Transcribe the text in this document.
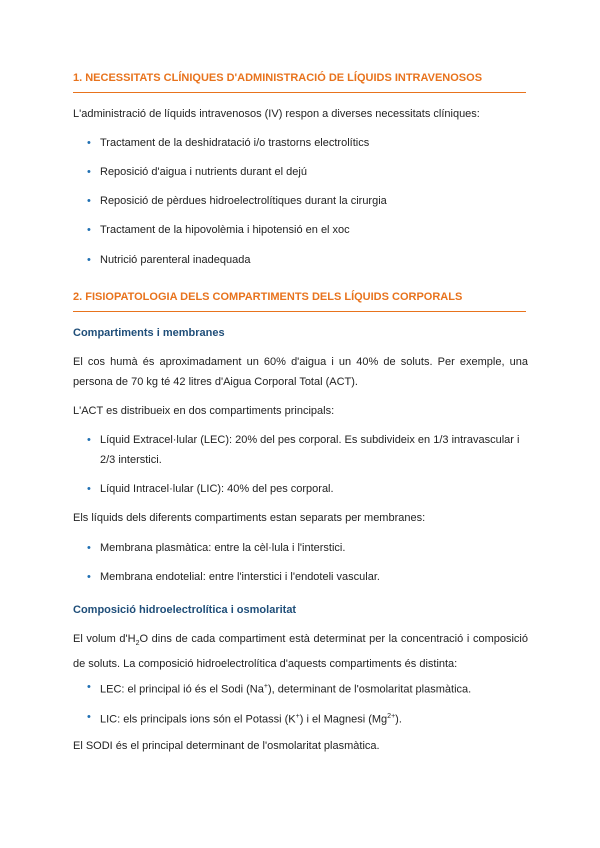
1. NECESSITATS CLÍNIQUES D'ADMINISTRACIÓ DE LÍQUIDS INTRAVENOSOS
L'administració de líquids intravenosos (IV) respon a diverses necessitats clíniques:
• Tractament de la deshidratació i/o trastorns electrolítics
• Reposició d'aigua i nutrients durant el dejú
• Reposició de pèrdues hidroelectrolítiques durant la cirurgia
• Tractament de la hipovolèmia i hipotensió en el xoc
• Nutrició parenteral inadequada
2. FISIOPATOLOGIA DELS COMPARTIMENTS DELS LÍQUIDS CORPORALS
Compartiments i membranes
El cos humà és aproximadament un 60% d'aigua i un 40% de soluts. Per exemple, una persona de 70 kg té 42 litres d'Aigua Corporal Total (ACT).
L'ACT es distribueix en dos compartiments principals:
• Líquid Extracel·lular (LEC): 20% del pes corporal. Es subdivideix en 1/3 intravascular i 2/3 interstici.
• Líquid Intracel·lular (LIC): 40% del pes corporal.
Els líquids dels diferents compartiments estan separats per membranes:
• Membrana plasmàtica: entre la cèl·lula i l'interstici.
• Membrana endotelial: entre l'interstici i l'endoteli vascular.
Composició hidroelectrolítica i osmolaritat
El volum $d'H_2O$ dins de cada compartiment està determinat per la concentració i composició de soluts. La composició hidroelectrolítica d'aquests compartiments és distinta:
• LEC: el principal ió és el Sodi (Na+), determinant de l'osmolaritat plasmàtica.
• LIC: els principals ions són el Potassi (K+) i el Magnesi $(Mg^{2+})$.
El SODI és el principal determinant de l'osmolaritat plasmàtica.
